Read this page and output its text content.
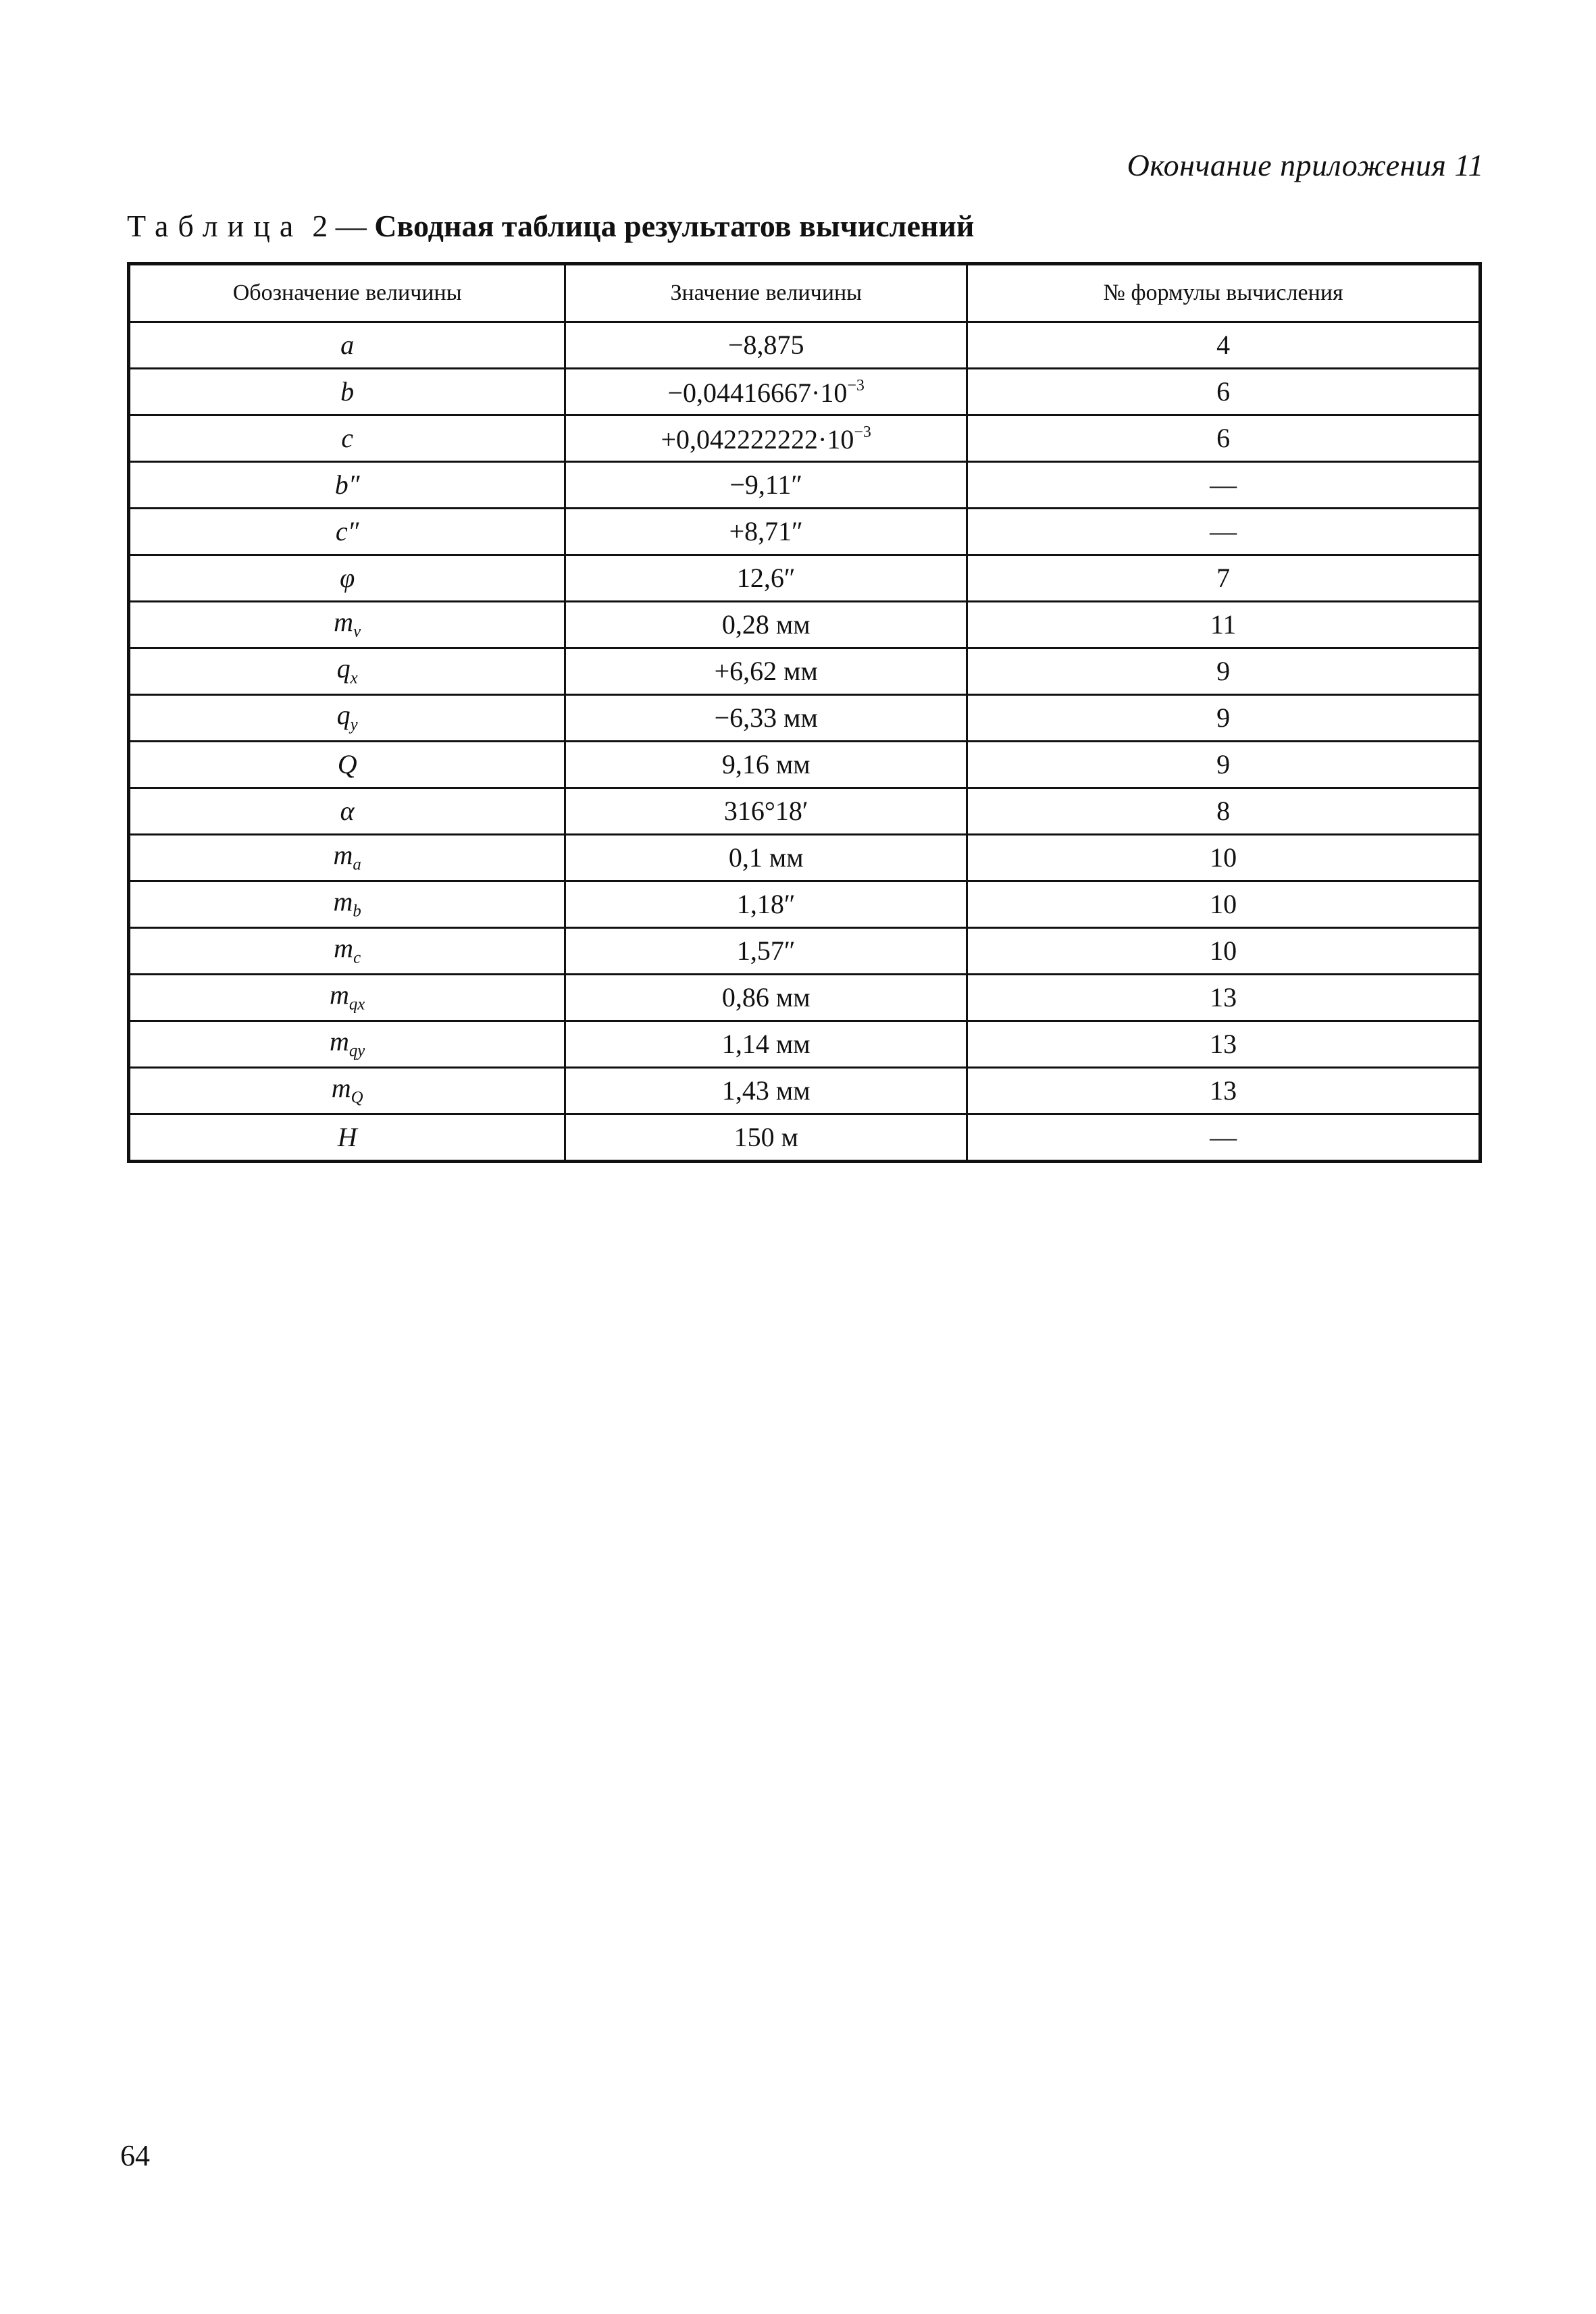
Окончание приложения 11
Таблица 2 — Сводная таблица результатов вычислений
Обозначение величины	Значение величины	№ формулы вычисления
a	−8,875	4
b	$-0,04416667\cdot 10^{-3}$	6
c	$+0,042222222\cdot 10^{-3}$	6
b″	−9,11″	—
c″	+8,71″	—
φ	12,6″	7
$m_v$	0,28 мм	11
$q_x$	+6,62 мм	9
$q_y$	−6,33 мм	9
Q	9,16 мм	9
α	316°18′	8
$m_a$	0,1 мм	10
$m_b$	1,18″	10
$m_c$	1,57″	10
$m_{qx}$	0,86 мм	13
$m_{qy}$	1,14 мм	13
$m_Q$	1,43 мм	13
H	150 м	—
64
